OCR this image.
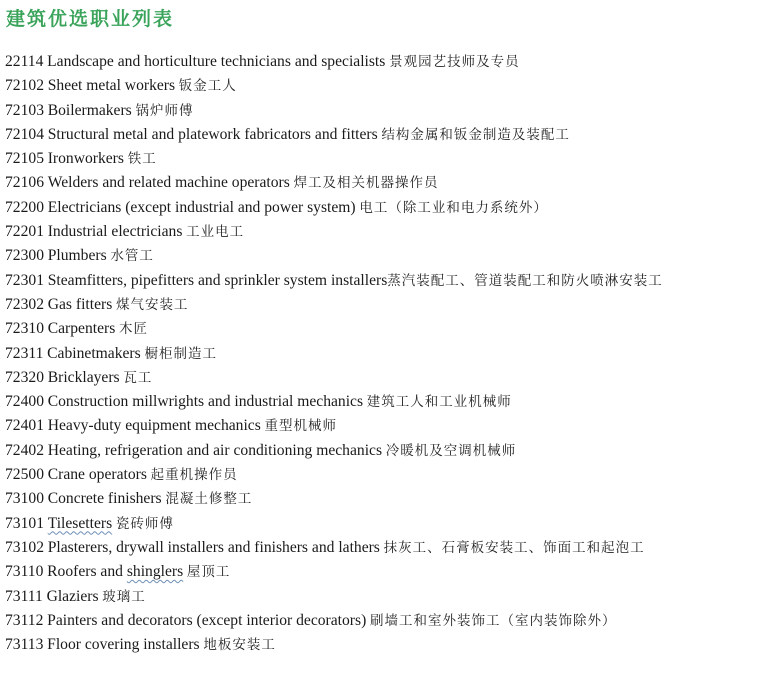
建筑优选职业列表
22114 Landscape and horticulture technicians and specialists 景观园艺技师及专员
72102 Sheet metal workers 钣金工人
72103 Boilermakers 锅炉师傅
72104 Structural metal and platework fabricators and fitters 结构金属和钣金制造及装配工
72105 Ironworkers 铁工
72106 Welders and related machine operators 焊工及相关机器操作员
72200 Electricians (except industrial and power system) 电工（除工业和电力系统外）
72201 Industrial electricians 工业电工
72300 Plumbers 水管工
72301 Steamfitters, pipefitters and sprinkler system installers蒸汽装配工、管道装配工和防火喷淋安装工
72302 Gas fitters 煤气安装工
72310 Carpenters 木匠
72311 Cabinetmakers 橱柜制造工
72320 Bricklayers 瓦工
72400 Construction millwrights and industrial mechanics 建筑工人和工业机械师
72401 Heavy-duty equipment mechanics 重型机械师
72402 Heating, refrigeration and air conditioning mechanics 冷暖机及空调机械师
72500 Crane operators 起重机操作员
73100 Concrete finishers 混凝土修整工
73101 Tilesetters 瓷砖师傅
73102 Plasterers, drywall installers and finishers and lathers 抹灰工、石膏板安装工、饰面工和起泡工
73110 Roofers and shinglers 屋顶工
73111 Glaziers 玻璃工
73112 Painters and decorators (except interior decorators) 刷墙工和室外装饰工（室内装饰除外）
73113 Floor covering installers 地板安装工
